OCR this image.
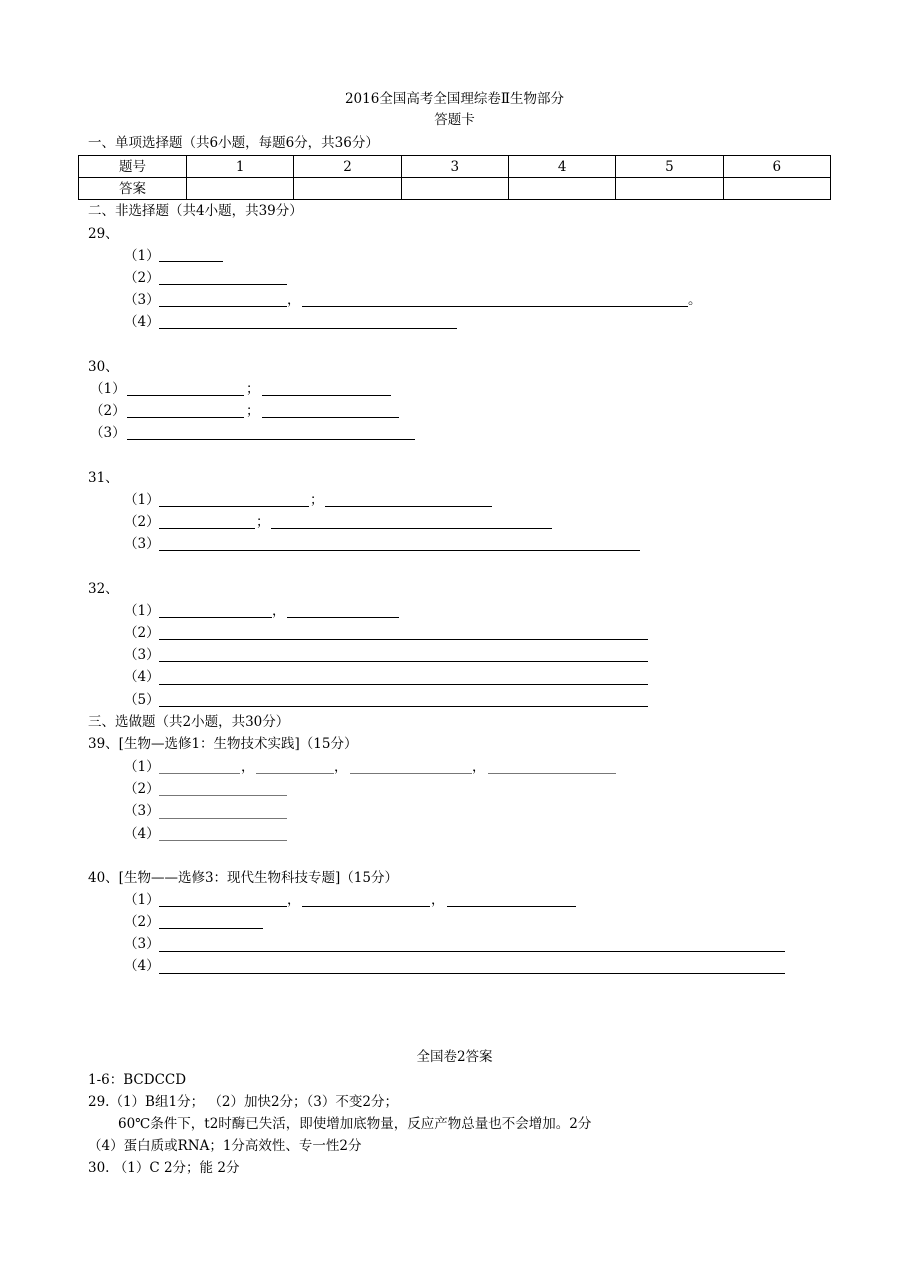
2016全国高考全国理综卷Ⅱ生物部分
答题卡
一、单项选择题（共6小题，每题6分，共36分）
题号	1	2	3	4	5	6
答案						
二、非选择题（共4小题，共39分）
29、
（1）
（2）
（3）	，	。
（4）
30、
（1）	；
（2）	；
（3）
31、
（1）	；
（2）	；
（3）
32、
（1）	，
（2）
（3）
（4）
（5）
三、选做题（共2小题，共30分）
39、[生物—选修1：生物技术实践]（15分）
（1）	，	，	，
（2）
（3）
（4）
40、[生物——选修3：现代生物科技专题]（15分）
（1）	，	，
（2）
（3）
（4）
全国卷2答案
1-6：BCDCCD
29.（1）B组1分； （2）加快2分；（3）不变2分；
60℃条件下，t2时酶已失活，即使增加底物量，反应产物总量也不会增加。2分
（4）蛋白质或RNA；1分高效性、专一性2分
30. （1）C 2分；能 2分
